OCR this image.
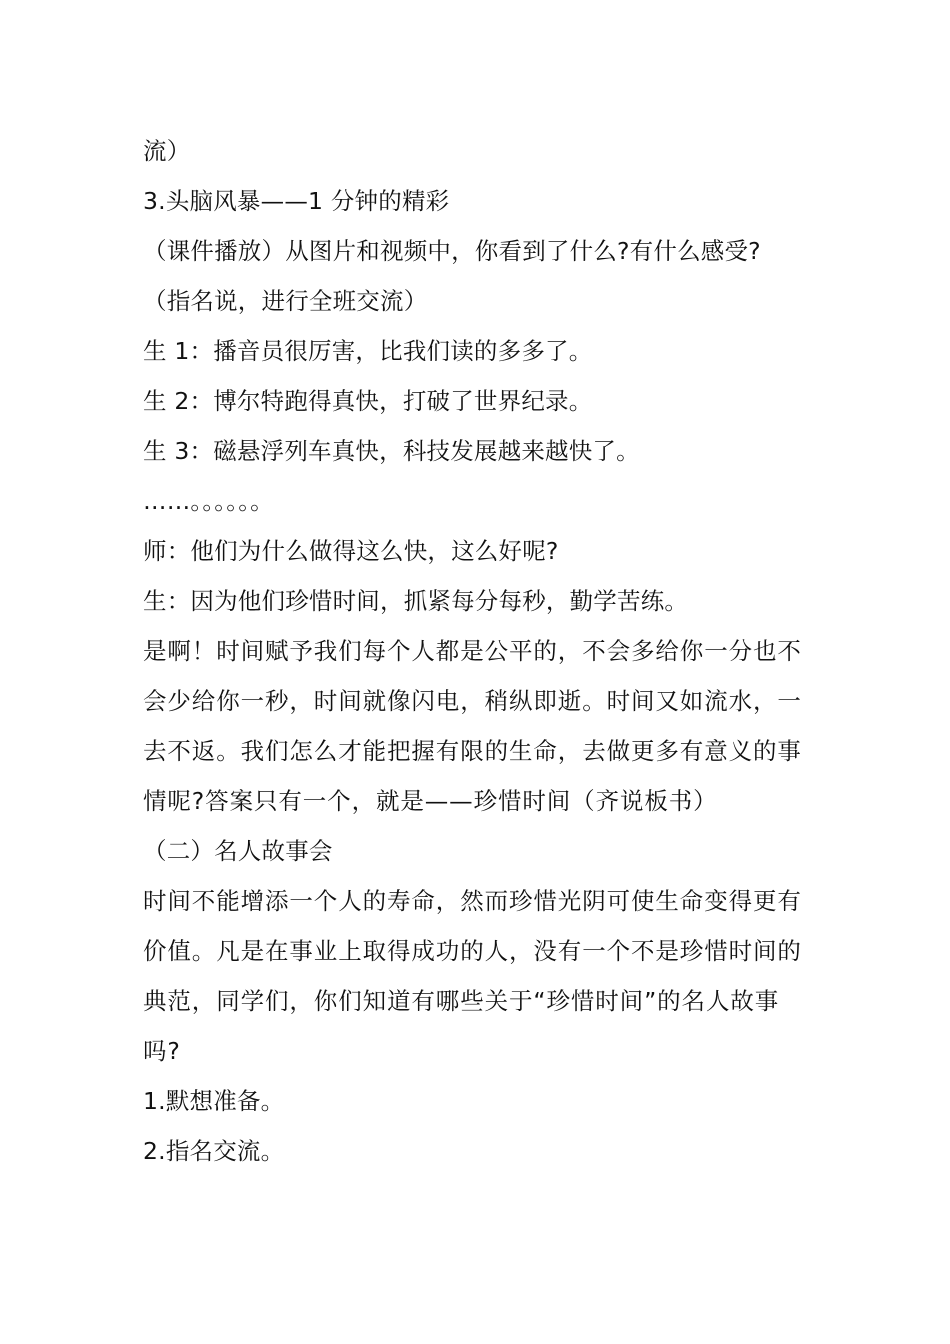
流）
3.头脑风暴——1 分钟的精彩
（课件播放）从图片和视频中，你看到了什么?有什么感受?
（指名说，进行全班交流）
生 1：播音员很厉害，比我们读的多多了。
生 2：博尔特跑得真快，打破了世界纪录。
生 3：磁悬浮列车真快，科技发展越来越快了。
……。。。。。。
师：他们为什么做得这么快，这么好呢?
生：因为他们珍惜时间，抓紧每分每秒，勤学苦练。
是啊！时间赋予我们每个人都是公平的，不会多给你一分也不会少给你一秒，时间就像闪电，稍纵即逝。时间又如流水，一去不返。我们怎么才能把握有限的生命，去做更多有意义的事情呢?答案只有一个，就是——珍惜时间（齐说板书）
（二）名人故事会
时间不能增添一个人的寿命，然而珍惜光阴可使生命变得更有价值。凡是在事业上取得成功的人，没有一个不是珍惜时间的典范，同学们，你们知道有哪些关于“珍惜时间”的名人故事吗?
1.默想准备。
2.指名交流。
